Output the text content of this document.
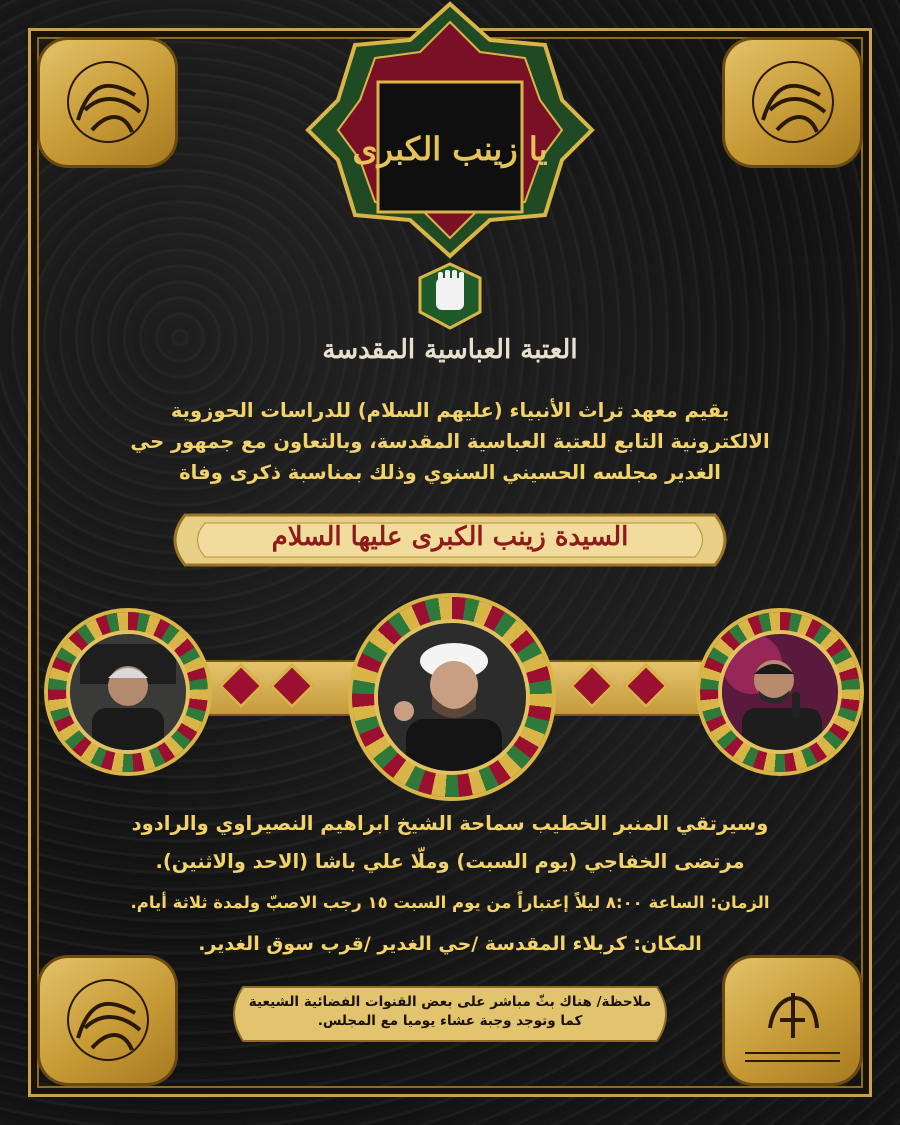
يا زينب الكبرى
العتبة العباسية المقدسة
يقيم معهد تراث الأنبياء (عليهم السلام) للدراسات الحوزوية
الالكترونية التابع للعتبة العباسية المقدسة، وبالتعاون مع جمهور حي
الغدير مجلسه الحسيني السنوي وذلك بمناسبة ذكرى وفاة
السيدة زينب الكبرى عليها السلام
وسيرتقي المنبر الخطيب سماحة الشيخ ابراهيم النصيراوي والرادود
مرتضى الخفاجي (يوم السبت) وملّا علي باشا (الاحد والاثنين).
الزمان: الساعة ٨:٠٠ ليلاً إعتباراً من يوم السبت ١٥ رجب الاصبّ ولمدة ثلاثة أيام.
المكان: كربلاء المقدسة /حي الغدير /قرب سوق الغدير.
ملاحظة/ هناك بثّ مباشر على بعض القنوات الفضائية الشيعية
كما وتوجد وجبة عشاء يوميا مع المجلس.
